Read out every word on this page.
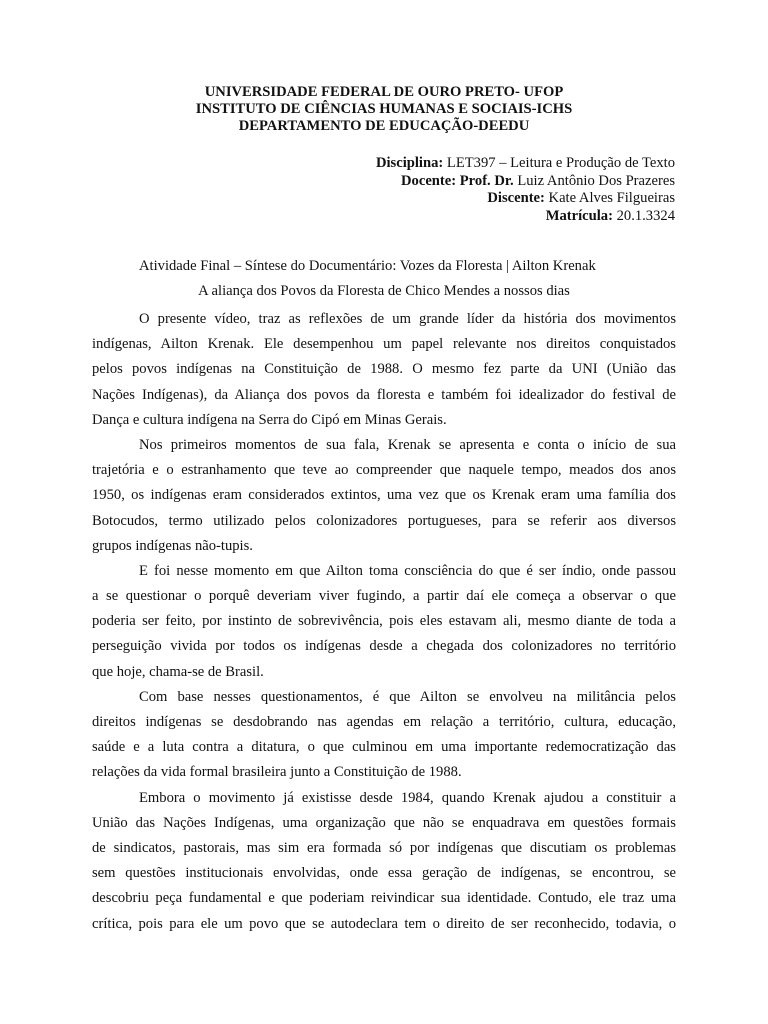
UNIVERSIDADE FEDERAL DE OURO PRETO- UFOP
INSTITUTO DE CIÊNCIAS HUMANAS E SOCIAIS-ICHS
DEPARTAMENTO DE EDUCAÇÃO-DEEDU
Disciplina: LET397 – Leitura e Produção de Texto
Docente: Prof. Dr. Luiz Antônio Dos Prazeres
Discente: Kate Alves Filgueiras
Matrícula: 20.1.3324
Atividade Final – Síntese do Documentário: Vozes da Floresta | Ailton Krenak
A aliança dos Povos da Floresta de Chico Mendes a nossos dias
O presente vídeo, traz as reflexões de um grande líder da história dos movimentos
indígenas, Ailton Krenak. Ele desempenhou um papel relevante nos direitos conquistados
pelos povos indígenas na Constituição de 1988. O mesmo fez parte da UNI (União das
Nações Indígenas), da Aliança dos povos da floresta e também foi idealizador do festival de
Dança e cultura indígena na Serra do Cipó em Minas Gerais.
Nos primeiros momentos de sua fala, Krenak se apresenta e conta o início de sua
trajetória e o estranhamento que teve ao compreender que naquele tempo, meados dos anos
1950, os indígenas eram considerados extintos, uma vez que os Krenak eram uma família dos
Botocudos, termo utilizado pelos colonizadores portugueses, para se referir aos diversos
grupos indígenas não-tupis.
E foi nesse momento em que Ailton toma consciência do que é ser índio, onde passou
a se questionar o porquê deveriam viver fugindo, a partir daí ele começa a observar o que
poderia ser feito, por instinto de sobrevivência, pois eles estavam ali, mesmo diante de toda a
perseguição vivida por todos os indígenas desde a chegada dos colonizadores no território
que hoje, chama-se de Brasil.
Com base nesses questionamentos, é que Ailton se envolveu na militância pelos
direitos indígenas se desdobrando nas agendas em relação a território, cultura, educação,
saúde e a luta contra a ditatura, o que culminou em uma importante redemocratização das
relações da vida formal brasileira junto a Constituição de 1988.
Embora o movimento já existisse desde 1984, quando Krenak ajudou a constituir a
União das Nações Indígenas, uma organização que não se enquadrava em questões formais
de sindicatos, pastorais, mas sim era formada só por indígenas que discutiam os problemas
sem questões institucionais envolvidas, onde essa geração de indígenas, se encontrou, se
descobriu peça fundamental e que poderiam reivindicar sua identidade. Contudo, ele traz uma
crítica, pois para ele um povo que se autodeclara tem o direito de ser reconhecido, todavia, o
